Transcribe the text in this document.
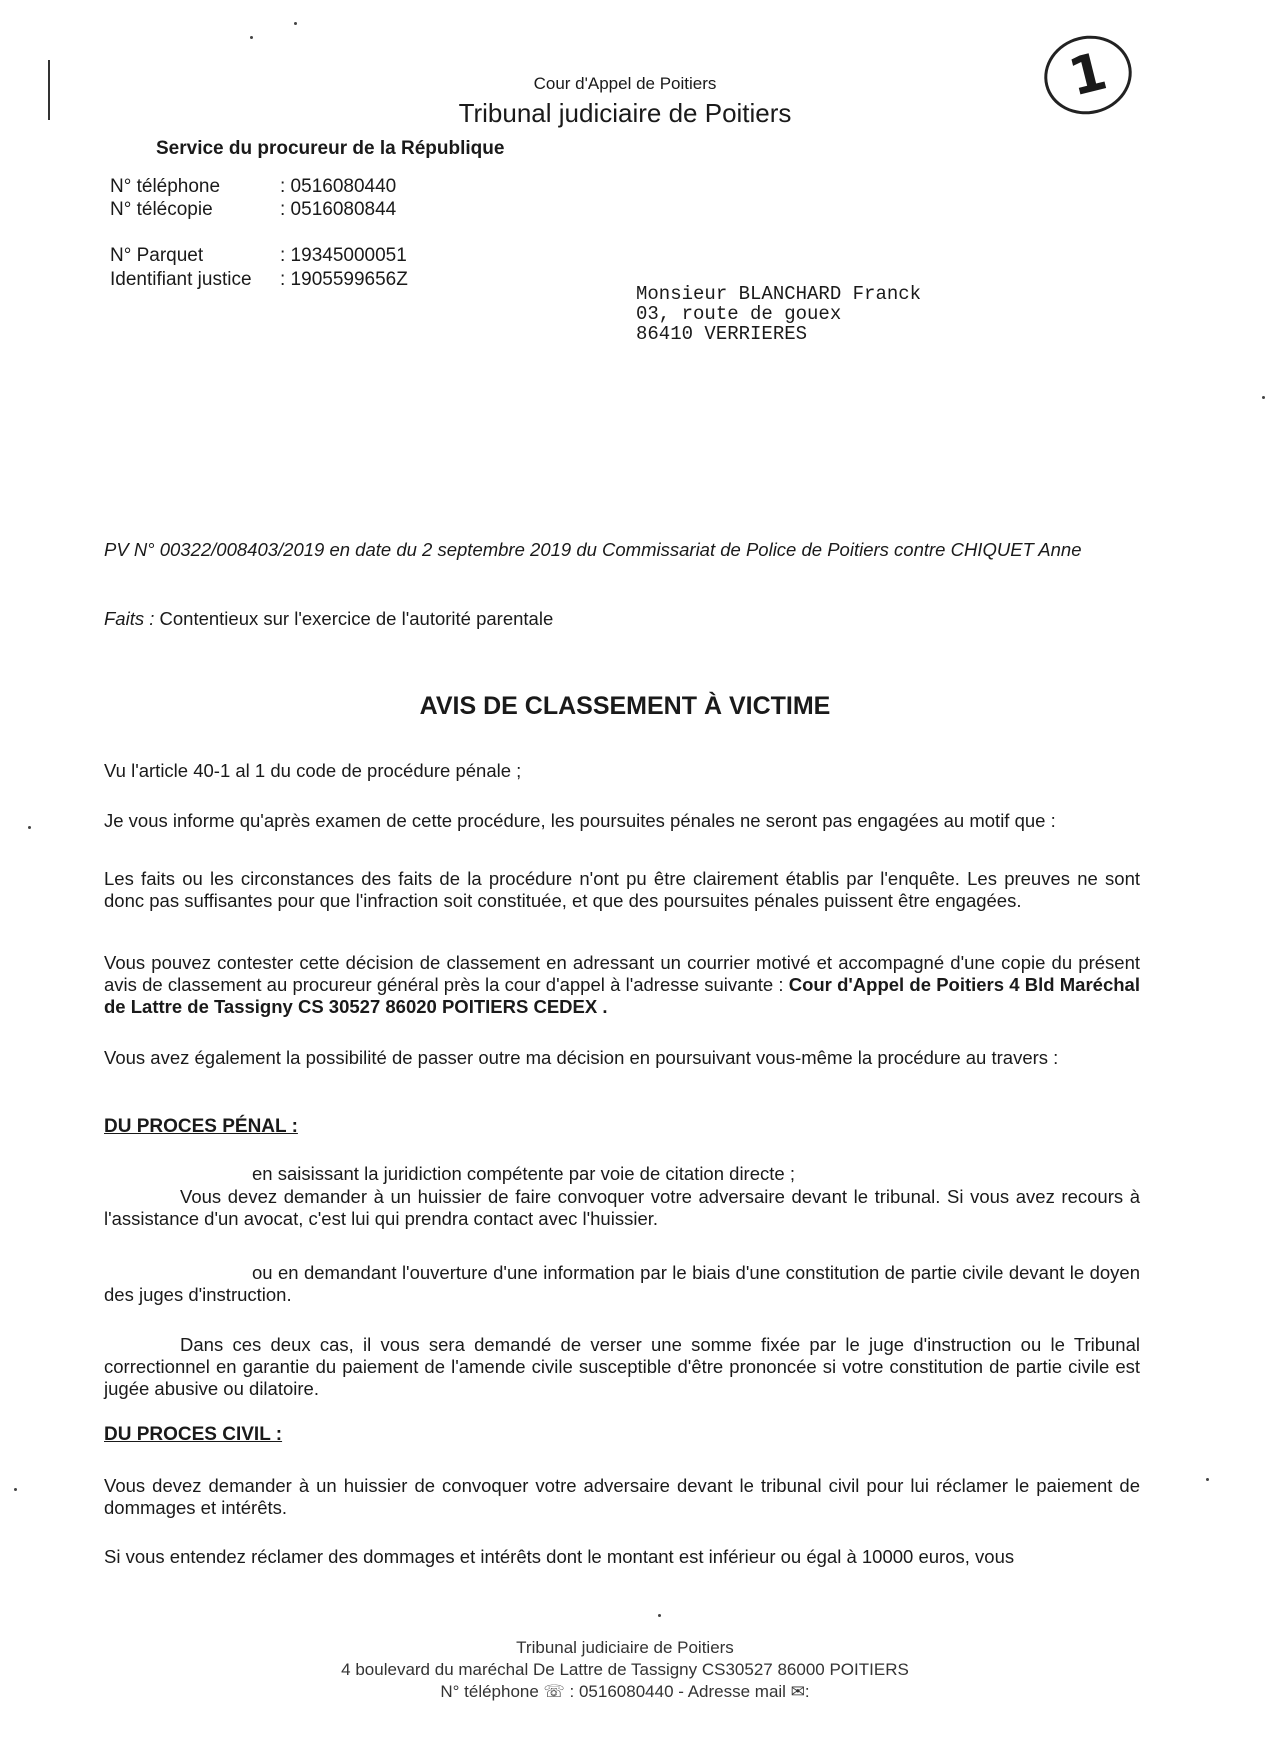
1
Cour d'Appel de Poitiers
Tribunal judiciaire de Poitiers
Service du procureur de la République
N° téléphone	: 0516080440
N° télécopie	: 0516080844
N° Parquet	: 19345000051
Identifiant justice : 1905599656Z
Monsieur BLANCHARD Franck
03, route de gouex
86410 VERRIERES
PV N° 00322/008403/2019 en date du 2 septembre 2019 du Commissariat de Police de Poitiers contre CHIQUET Anne
Faits : Contentieux sur l'exercice de l'autorité parentale
AVIS DE CLASSEMENT À VICTIME
Vu l'article 40-1 al 1 du code de procédure pénale ;
Je vous informe qu'après examen de cette procédure, les poursuites pénales ne seront pas engagées au motif que :
Les faits ou les circonstances des faits de la procédure n'ont pu être clairement établis par l'enquête. Les preuves ne sont donc pas suffisantes pour que l'infraction soit constituée, et que des poursuites pénales puissent être engagées.
Vous pouvez contester cette décision de classement en adressant un courrier motivé et accompagné d'une copie du présent avis de classement au procureur général près la cour d'appel à l'adresse suivante : Cour d'Appel de Poitiers 4 Bld Maréchal de Lattre de Tassigny CS 30527 86020 POITIERS CEDEX .
Vous avez également la possibilité de passer outre ma décision en poursuivant vous-même la procédure au travers :
DU PROCES PÉNAL :
en saisissant la juridiction compétente par voie de citation directe ;
Vous devez demander à un huissier de faire convoquer votre adversaire devant le tribunal. Si vous avez recours à l'assistance d'un avocat, c'est lui qui prendra contact avec l'huissier.
ou en demandant l'ouverture d'une information par le biais d'une constitution de partie civile devant le doyen des juges d'instruction.
Dans ces deux cas, il vous sera demandé de verser une somme fixée par le juge d'instruction ou le Tribunal correctionnel en garantie du paiement de l'amende civile susceptible d'être prononcée si votre constitution de partie civile est jugée abusive ou dilatoire.
DU PROCES CIVIL :
Vous devez demander à un huissier de convoquer votre adversaire devant le tribunal civil pour lui réclamer le paiement de dommages et intérêts.
Si vous entendez réclamer des dommages et intérêts dont le montant est inférieur ou égal à 10000 euros, vous
Tribunal judiciaire de Poitiers
4 boulevard du maréchal De Lattre de Tassigny CS30527 86000 POITIERS
N° téléphone ☏ : 0516080440 - Adresse mail ✉:
